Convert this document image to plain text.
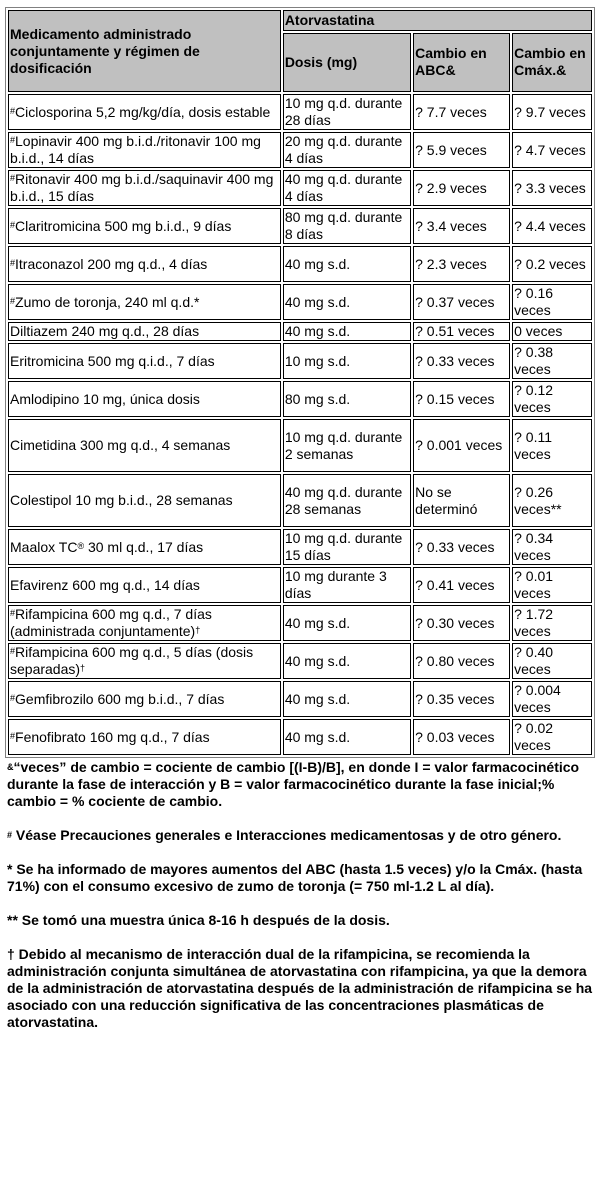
Medicamento administrado conjuntamente y régimen de dosificación	Atorvastatina		
	Dosis (mg)	Cambio en ABC&	Cambio en Cmáx.&
#Ciclosporina 5,2 mg/kg/día, dosis estable	10 mg q.d. durante 28 días	? 7.7 veces	? 9.7 veces
#Lopinavir 400 mg b.i.d./ritonavir 100 mg b.i.d., 14 días	20 mg q.d. durante 4 días	? 5.9 veces	? 4.7 veces
#Ritonavir 400 mg b.i.d./saquinavir 400 mg b.i.d., 15 días	40 mg q.d. durante 4 días	? 2.9 veces	? 3.3 veces
#Claritromicina 500 mg b.i.d., 9 días	80 mg q.d. durante 8 días	? 3.4 veces	? 4.4 veces
#Itraconazol 200 mg q.d., 4 días	40 mg s.d.	? 2.3 veces	? 0.2 veces
#Zumo de toronja, 240 ml q.d.*	40 mg s.d.	? 0.37 veces	? 0.16 veces
Diltiazem 240 mg q.d., 28 días	40 mg s.d.	? 0.51 veces	0 veces
Eritromicina 500 mg q.i.d., 7 días	10 mg s.d.	? 0.33 veces	? 0.38 veces
Amlodipino 10 mg, única dosis	80 mg s.d.	? 0.15 veces	? 0.12 veces
Cimetidina 300 mg q.d., 4 semanas	10 mg q.d. durante 2 semanas	? 0.001 veces	? 0.11 veces
Colestipol 10 mg b.i.d., 28 semanas	40 mg q.d. durante 28 semanas	No se determinó	? 0.26 veces**
Maalox TC® 30 ml q.d., 17 días	10 mg q.d. durante 15 días	? 0.33 veces	? 0.34 veces
Efavirenz 600 mg q.d., 14 días	10 mg durante 3 días	? 0.41 veces	? 0.01 veces
#Rifampicina 600 mg q.d., 7 días (administrada conjuntamente)†	40 mg s.d.	? 0.30 veces	? 1.72 veces
#Rifampicina 600 mg q.d., 5 días (dosis separadas)†	40 mg s.d.	? 0.80 veces	? 0.40 veces
#Gemfibrozilo 600 mg b.i.d., 7 días	40 mg s.d.	? 0.35 veces	? 0.004 veces
#Fenofibrato 160 mg q.d., 7 días	40 mg s.d.	? 0.03 veces	? 0.02 veces

&“veces” de cambio = cociente de cambio [(I-B)/B], en donde I = valor farmacocinético durante la fase de interacción y B = valor farmacocinético durante la fase inicial;% cambio = % cociente de cambio.

# Véase Precauciones generales e Interacciones medicamentosas y de otro género.

* Se ha informado de mayores aumentos del ABC (hasta 1.5 veces) y/o la Cmáx. (hasta 71%) con el consumo excesivo de zumo de toronja (= 750 ml-1.2 L al día).

** Se tomó una muestra única 8-16 h después de la dosis.

† Debido al mecanismo de interacción dual de la rifampicina, se recomienda la administración conjunta simultánea de atorvastatina con rifampicina, ya que la demora de la administración de atorvastatina después de la administración de rifampicina se ha asociado con una reducción significativa de las concentraciones plasmáticas de atorvastatina.
